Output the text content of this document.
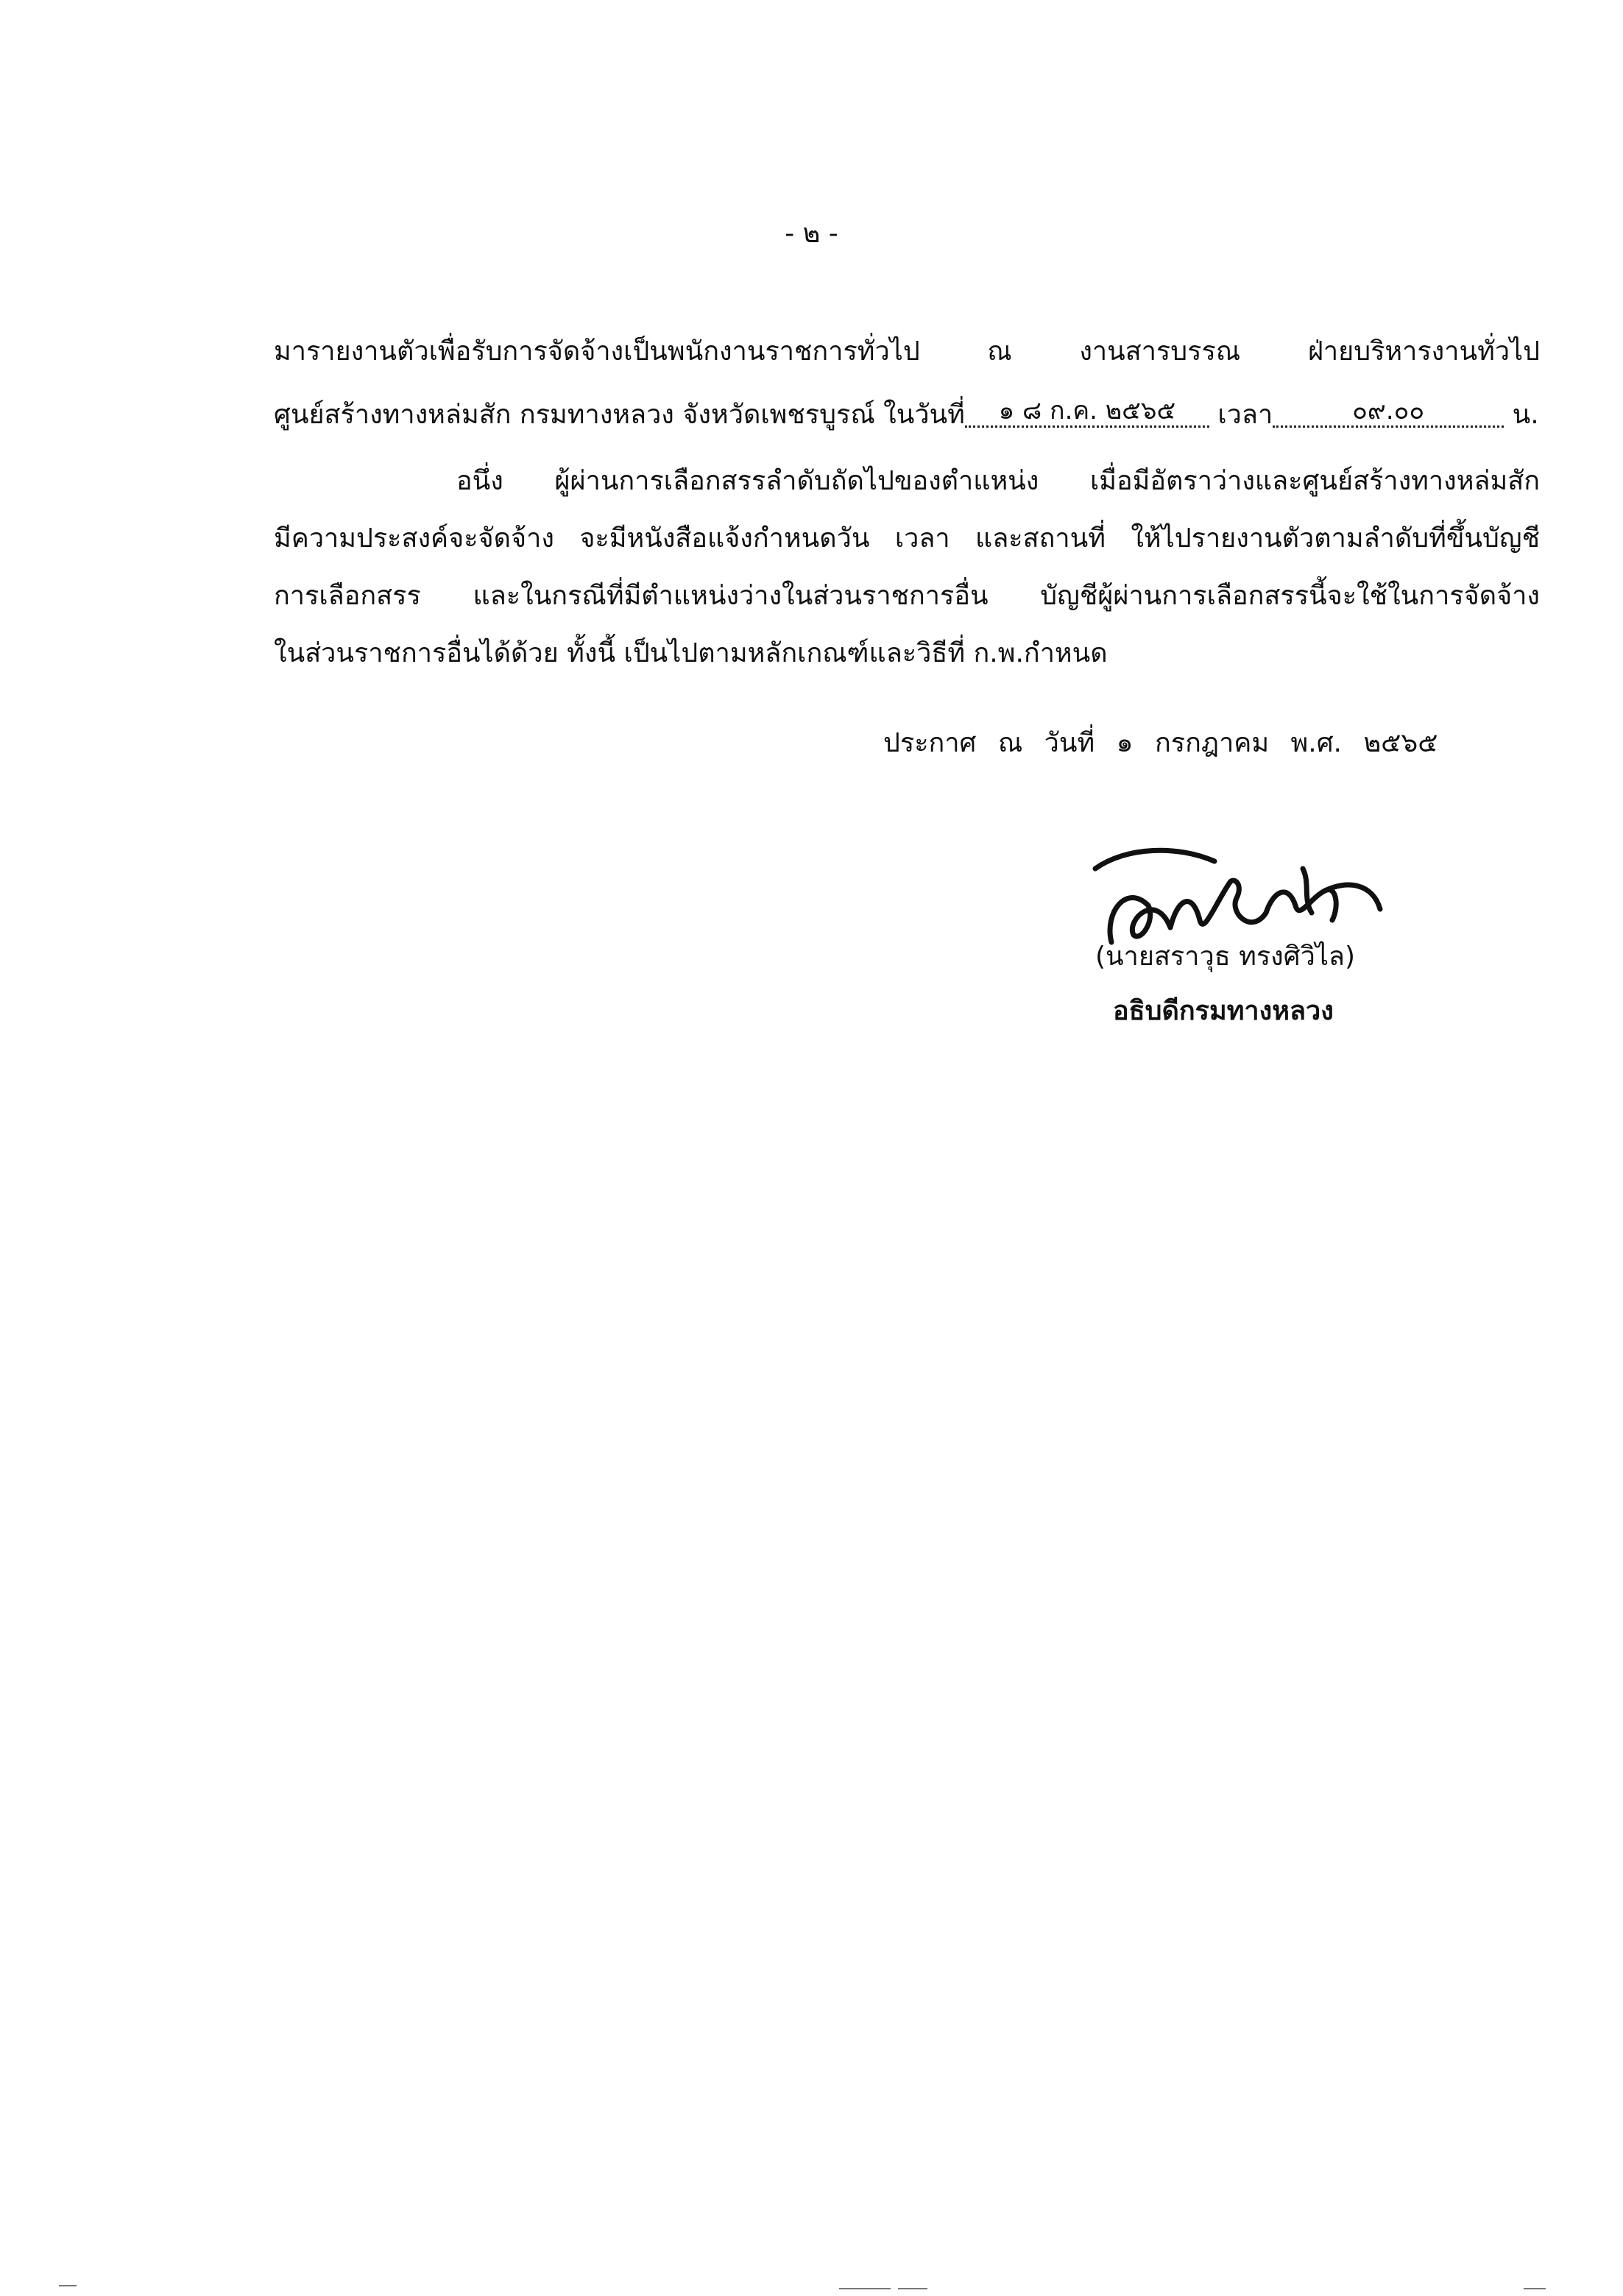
- ๒ -
มารายงานตัวเพื่อรับการจัดจ้างเป็นพนักงานราชการทั่วไป ณ งานสารบรรณ ฝ่ายบริหารงานทั่วไป
ศูนย์สร้างทางหล่มสัก กรมทางหลวง จังหวัดเพชรบูรณ์ ในวันที่ ๑ ๘ ก.ค. ๒๕๖๕ เวลา	๐๙.๐๐	น.
อนึ่ง ผู้ผ่านการเลือกสรรลำดับถัดไปของตำแหน่ง เมื่อมีอัตราว่างและศูนย์สร้างทางหล่มสัก
มีความประสงค์จะจัดจ้าง จะมีหนังสือแจ้งกำหนดวัน เวลา และสถานที่ ให้ไปรายงานตัวตามลำดับที่ขึ้นบัญชี
การเลือกสรร และในกรณีที่มีตำแหน่งว่างในส่วนราชการอื่น บัญชีผู้ผ่านการเลือกสรรนี้จะใช้ในการจัดจ้าง
ในส่วนราชการอื่นได้ด้วย ทั้งนี้ เป็นไปตามหลักเกณฑ์และวิธีที่ ก.พ.กำหนด
ประกาศ ณ วันที่ ๑ กรกฎาคม พ.ศ. ๒๕๖๕
(นายสราวุธ ทรงศิวิไล)
อธิบดีกรมทางหลวง
